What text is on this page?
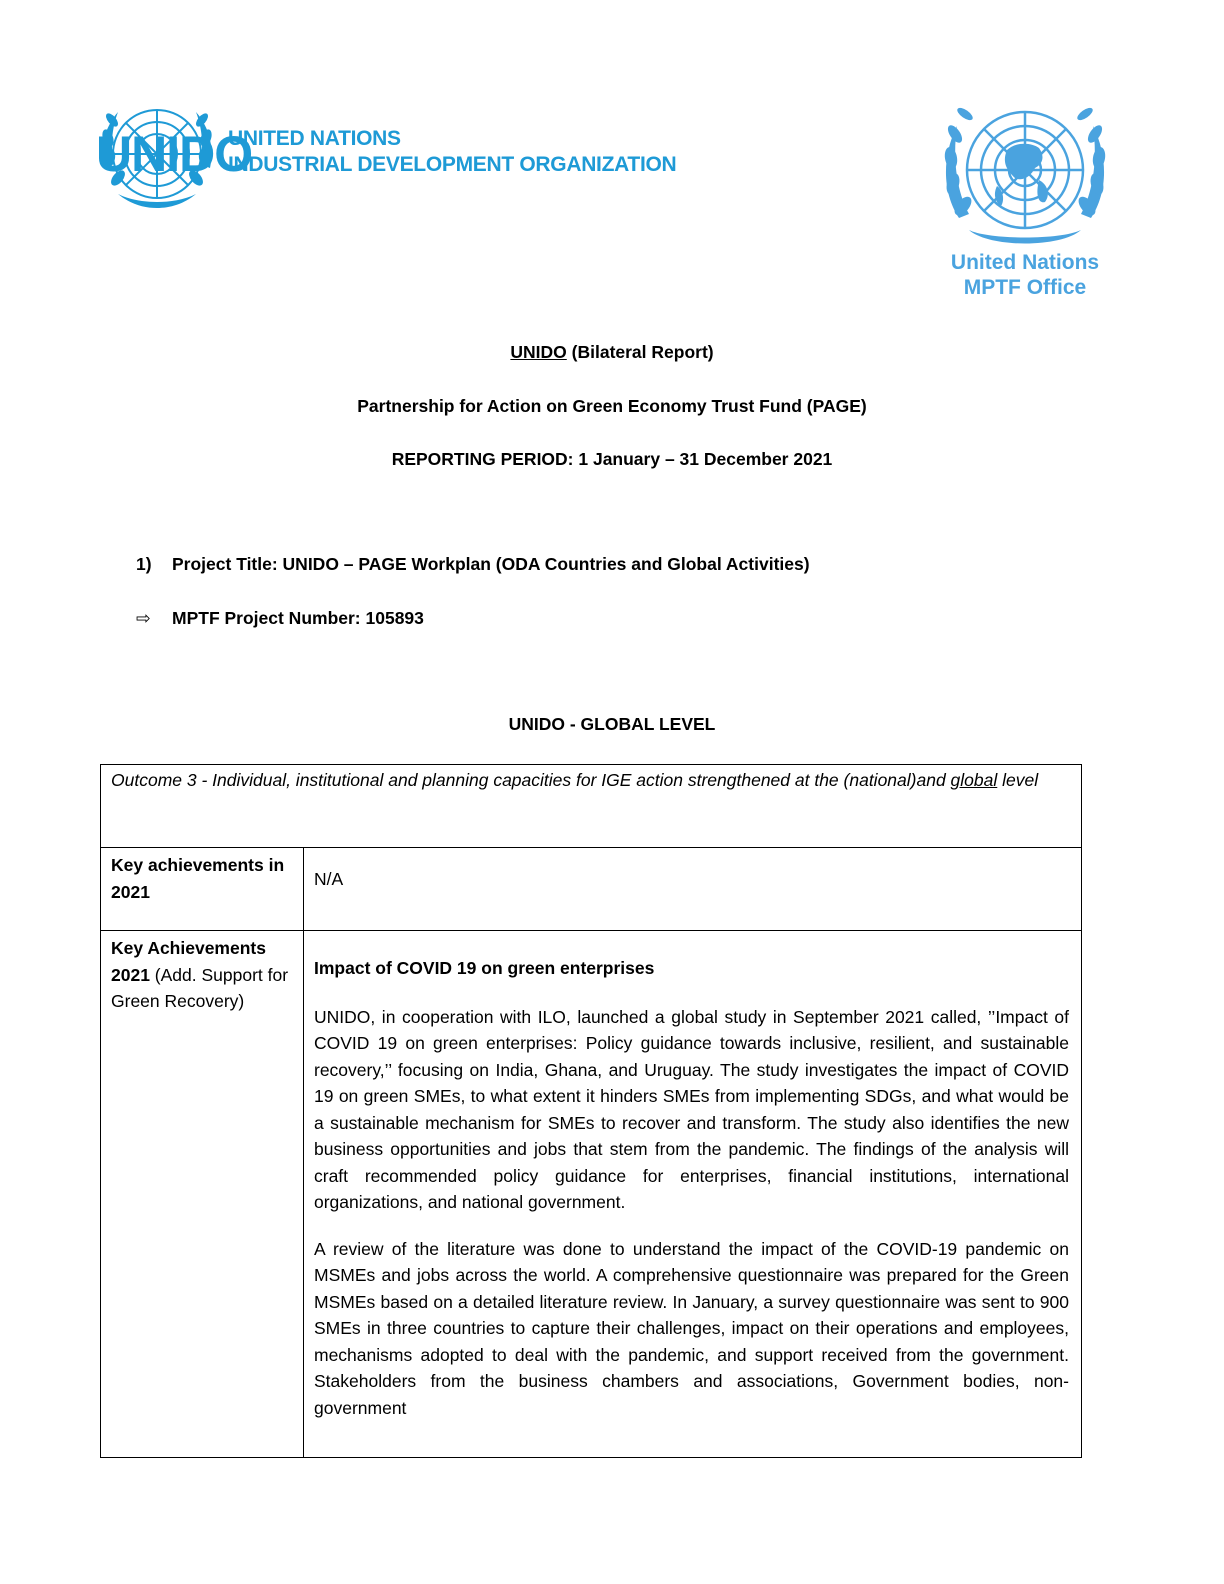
UNIDO
UNITED NATIONS
INDUSTRIAL DEVELOPMENT ORGANIZATION
United Nations
MPTF Office
UNIDO (Bilateral Report)
Partnership for Action on Green Economy Trust Fund (PAGE)
REPORTING PERIOD: 1 January – 31 December 2021
1) Project Title: UNIDO – PAGE Workplan (ODA Countries and Global Activities)
⇨ MPTF Project Number: 105893
UNIDO - GLOBAL LEVEL
Outcome 3 - Individual, institutional and planning capacities for IGE action strengthened at the (national)and global level	
Key achievements in 2021	N/A

Key Achievements 2021 (Add. Support for Green Recovery)	Impact of COVID 19 on green enterprises

UNIDO, in cooperation with ILO, launched a global study in September 2021 called, ’’Impact of COVID 19 on green enterprises: Policy guidance towards inclusive, resilient, and sustainable recovery,’’ focusing on India, Ghana, and Uruguay. The study investigates the impact of COVID 19 on green SMEs, to what extent it hinders SMEs from implementing SDGs, and what would be a sustainable mechanism for SMEs to recover and transform. The study also identifies the new business opportunities and jobs that stem from the pandemic. The findings of the analysis will craft recommended policy guidance for enterprises, financial institutions, international organizations, and national government.

A review of the literature was done to understand the impact of the COVID-19 pandemic on MSMEs and jobs across the world. A comprehensive questionnaire was prepared for the Green MSMEs based on a detailed literature review. In January, a survey questionnaire was sent to 900 SMEs in three countries to capture their challenges, impact on their operations and employees, mechanisms adopted to deal with the pandemic, and support received from the government. Stakeholders from the business chambers and associations, Government bodies, non-government
